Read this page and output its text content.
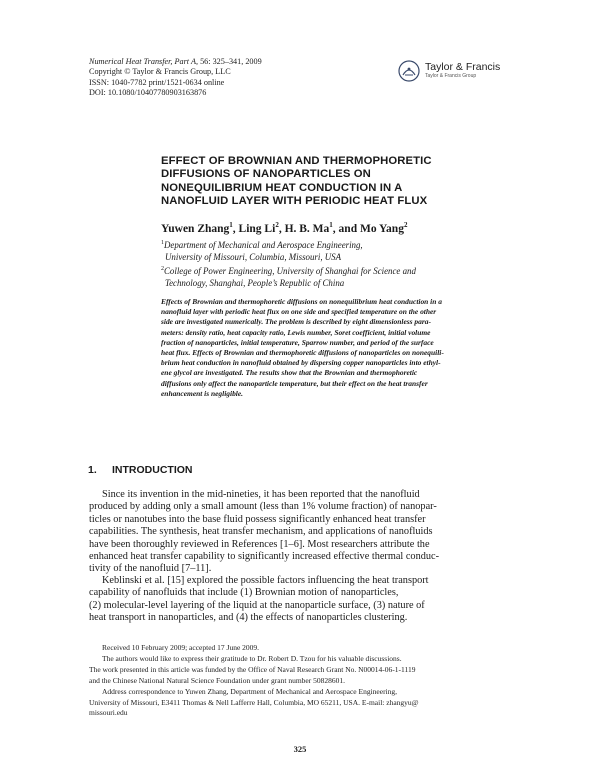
Numerical Heat Transfer, Part A, 56: 325–341, 2009
Copyright © Taylor & Francis Group, LLC
ISSN: 1040-7782 print/1521-0634 online
DOI: 10.1080/10407780903163876
Taylor & Francis
Taylor & Francis Group
EFFECT OF BROWNIAN AND THERMOPHORETIC
DIFFUSIONS OF NANOPARTICLES ON
NONEQUILIBRIUM HEAT CONDUCTION IN A
NANOFLUID LAYER WITH PERIODIC HEAT FLUX
Yuwen Zhang$^1$, Ling Li$^2$, H. B. Ma$^1$, and Mo Yang$^2$
$^1$Department of Mechanical and Aerospace Engineering,
University of Missouri, Columbia, Missouri, USA
$^2$College of Power Engineering, University of Shanghai for Science and
Technology, Shanghai, People’s Republic of China
Effects of Brownian and thermophoretic diffusions on nonequilibrium heat conduction in a
nanofluid layer with periodic heat flux on one side and specified temperature on the other
side are investigated numerically. The problem is described by eight dimensionless para-
meters: density ratio, heat capacity ratio, Lewis number, Soret coefficient, initial volume
fraction of nanoparticles, initial temperature, Sparrow number, and period of the surface
heat flux. Effects of Brownian and thermophoretic diffusions of nanoparticles on nonequili-
brium heat conduction in nanofluid obtained by dispersing copper nanoparticles into ethyl-
ene glycol are investigated. The results show that the Brownian and thermophoretic
diffusions only affect the nanoparticle temperature, but their effect on the heat transfer
enhancement is negligible.
1. INTRODUCTION
Since its invention in the mid-nineties, it has been reported that the nanofluid
produced by adding only a small amount (less than 1% volume fraction) of nanopar-
ticles or nanotubes into the base fluid possess significantly enhanced heat transfer
capabilities. The synthesis, heat transfer mechanism, and applications of nanofluids
have been thoroughly reviewed in References [1–6]. Most researchers attribute the
enhanced heat transfer capability to significantly increased effective thermal conduc-
tivity of the nanofluid [7–11].
Keblinski et al. [15] explored the possible factors influencing the heat transport
capability of nanofluids that include (1) Brownian motion of nanoparticles,
(2) molecular-level layering of the liquid at the nanoparticle surface, (3) nature of
heat transport in nanoparticles, and (4) the effects of nanoparticles clustering.
Received 10 February 2009; accepted 17 June 2009.
The authors would like to express their gratitude to Dr. Robert D. Tzou for his valuable discussions.
The work presented in this article was funded by the Office of Naval Research Grant No. N00014-06-1-1119
and the Chinese National Natural Science Foundation under grant number 50828601.
Address correspondence to Yuwen Zhang, Department of Mechanical and Aerospace Engineering,
University of Missouri, E3411 Thomas & Nell Lafferre Hall, Columbia, MO 65211, USA. E-mail: zhangyu@
missouri.edu
325
